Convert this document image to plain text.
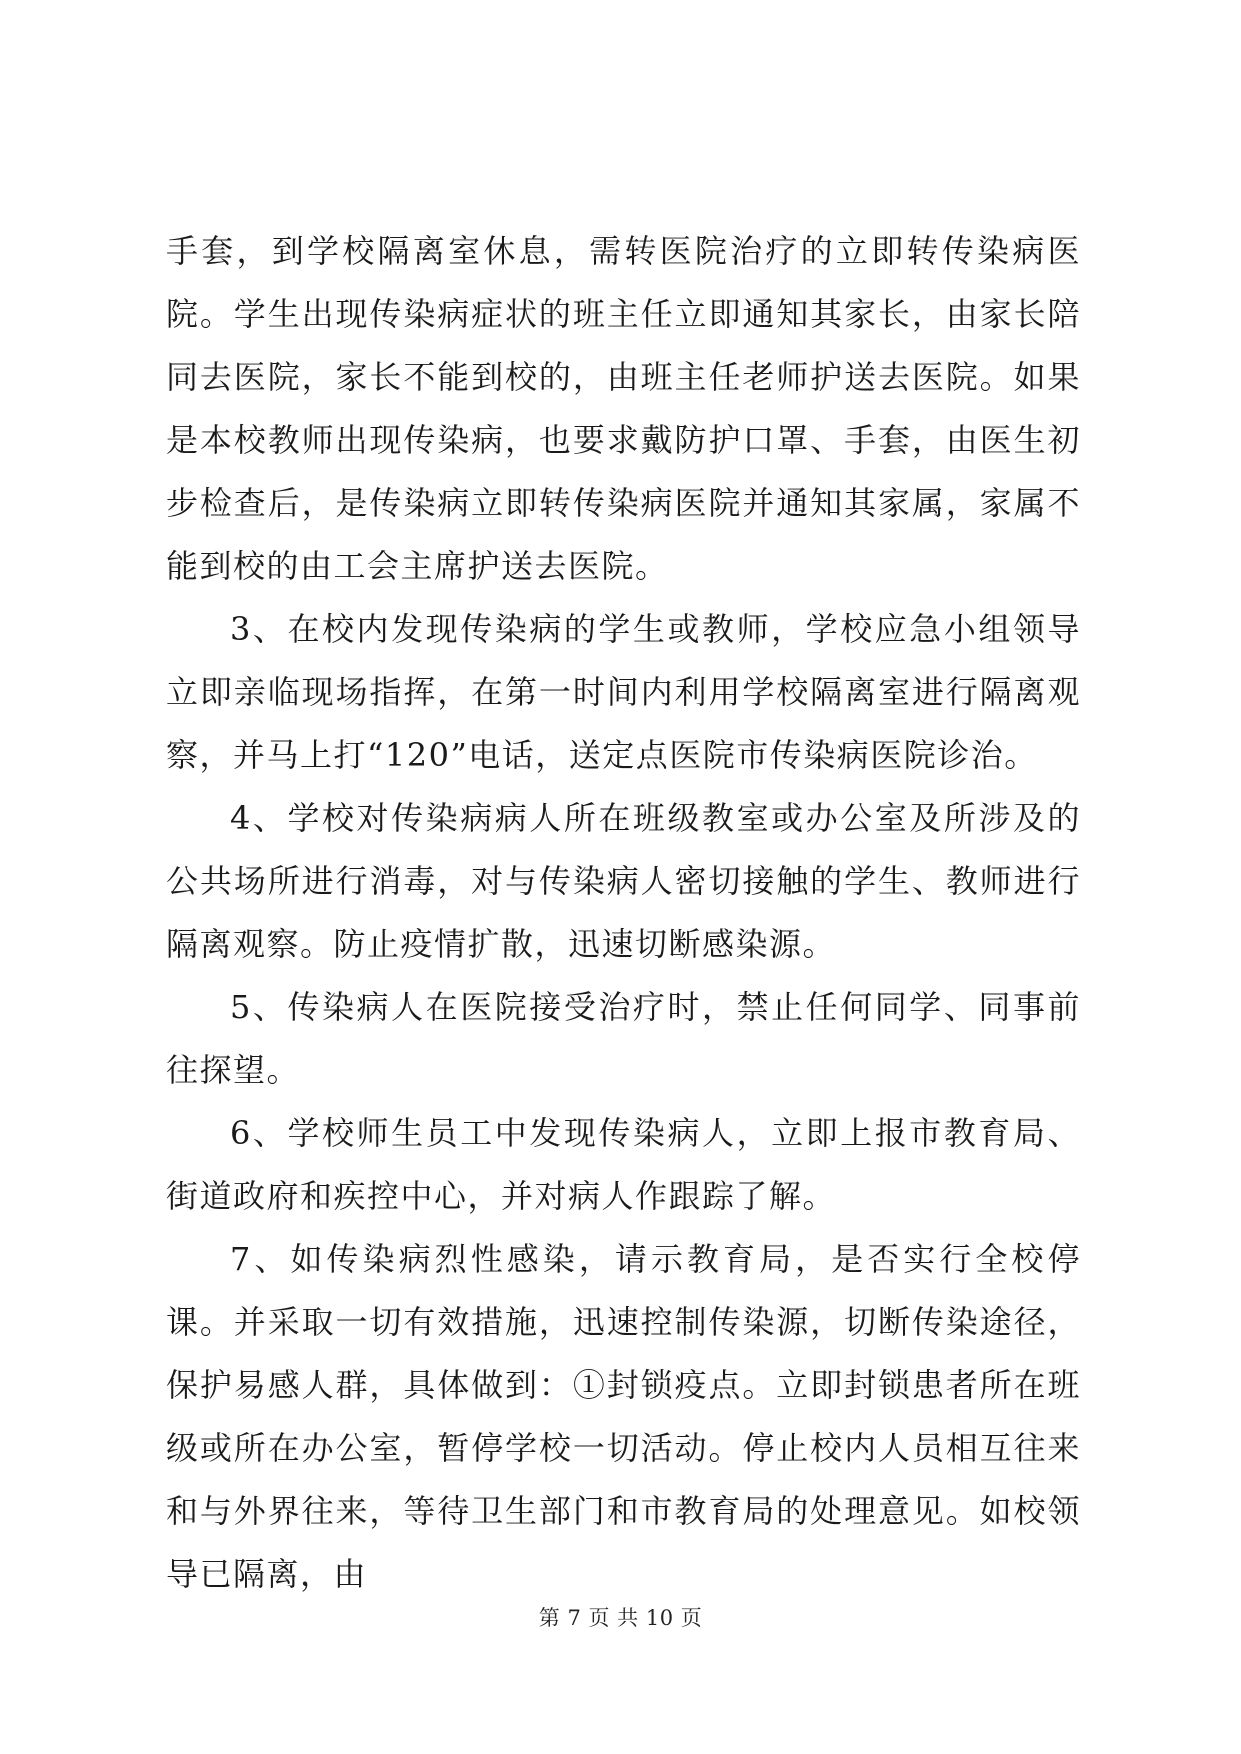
手套，到学校隔离室休息，需转医院治疗的立即转传染病医院。学生出现传染病症状的班主任立即通知其家长，由家长陪同去医院，家长不能到校的，由班主任老师护送去医院。如果是本校教师出现传染病，也要求戴防护口罩、手套，由医生初步检查后，是传染病立即转传染病医院并通知其家属，家属不能到校的由工会主席护送去医院。

3、在校内发现传染病的学生或教师，学校应急小组领导立即亲临现场指挥，在第一时间内利用学校隔离室进行隔离观察，并马上打“120”电话，送定点医院市传染病医院诊治。

4、学校对传染病病人所在班级教室或办公室及所涉及的公共场所进行消毒，对与传染病人密切接触的学生、教师进行隔离观察。防止疫情扩散，迅速切断感染源。

5、传染病人在医院接受治疗时，禁止任何同学、同事前往探望。

6、学校师生员工中发现传染病人，立即上报市教育局、街道政府和疾控中心，并对病人作跟踪了解。

7、如传染病烈性感染，请示教育局，是否实行全校停课。并采取一切有效措施，迅速控制传染源，切断传染途径，保护易感人群，具体做到：①封锁疫点。立即封锁患者所在班级或所在办公室，暂停学校一切活动。停止校内人员相互往来和与外界往来，等待卫生部门和市教育局的处理意见。如校领导已隔离，由

第 7 页 共 10 页
